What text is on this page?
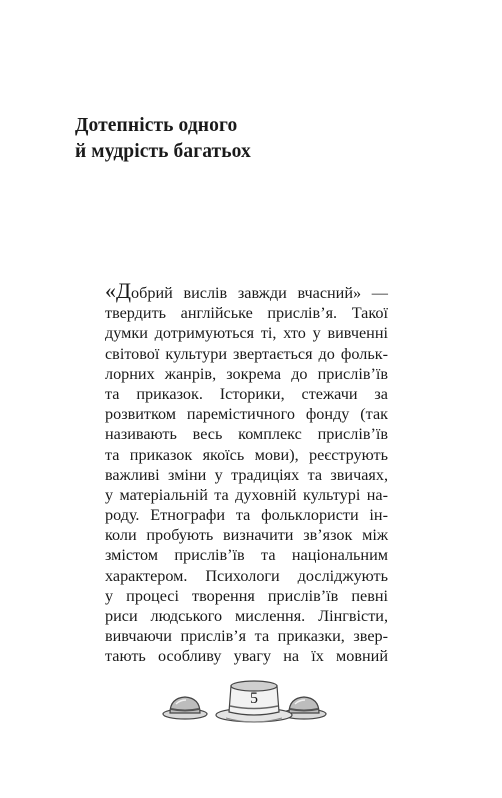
Дотепність одного
й мудрість багатьох
«Добрий вислів завжди вчасний» —
твердить англійське прислів’я. Такої
думки дотримуються ті, хто у вивченні
світової культури звертається до фольк-
лорних жанрів, зокрема до прислів’їв
та приказок. Історики, стежачи за
розвитком паремістичного фонду (так
називають весь комплекс прислів’їв
та приказок якоїсь мови), реєструють
важливі зміни у традиціях та звичаях,
у матеріальній та духовній культурі на-
роду. Етнографи та фольклористи ін-
коли пробують визначити зв’язок між
змістом прислів’їв та національним
характером. Психологи досліджують
у процесі творення прислів’їв певні
риси людського мислення. Лінгвісти,
вивчаючи прислів’я та приказки, звер-
тають особливу увагу на їх мовний
5
